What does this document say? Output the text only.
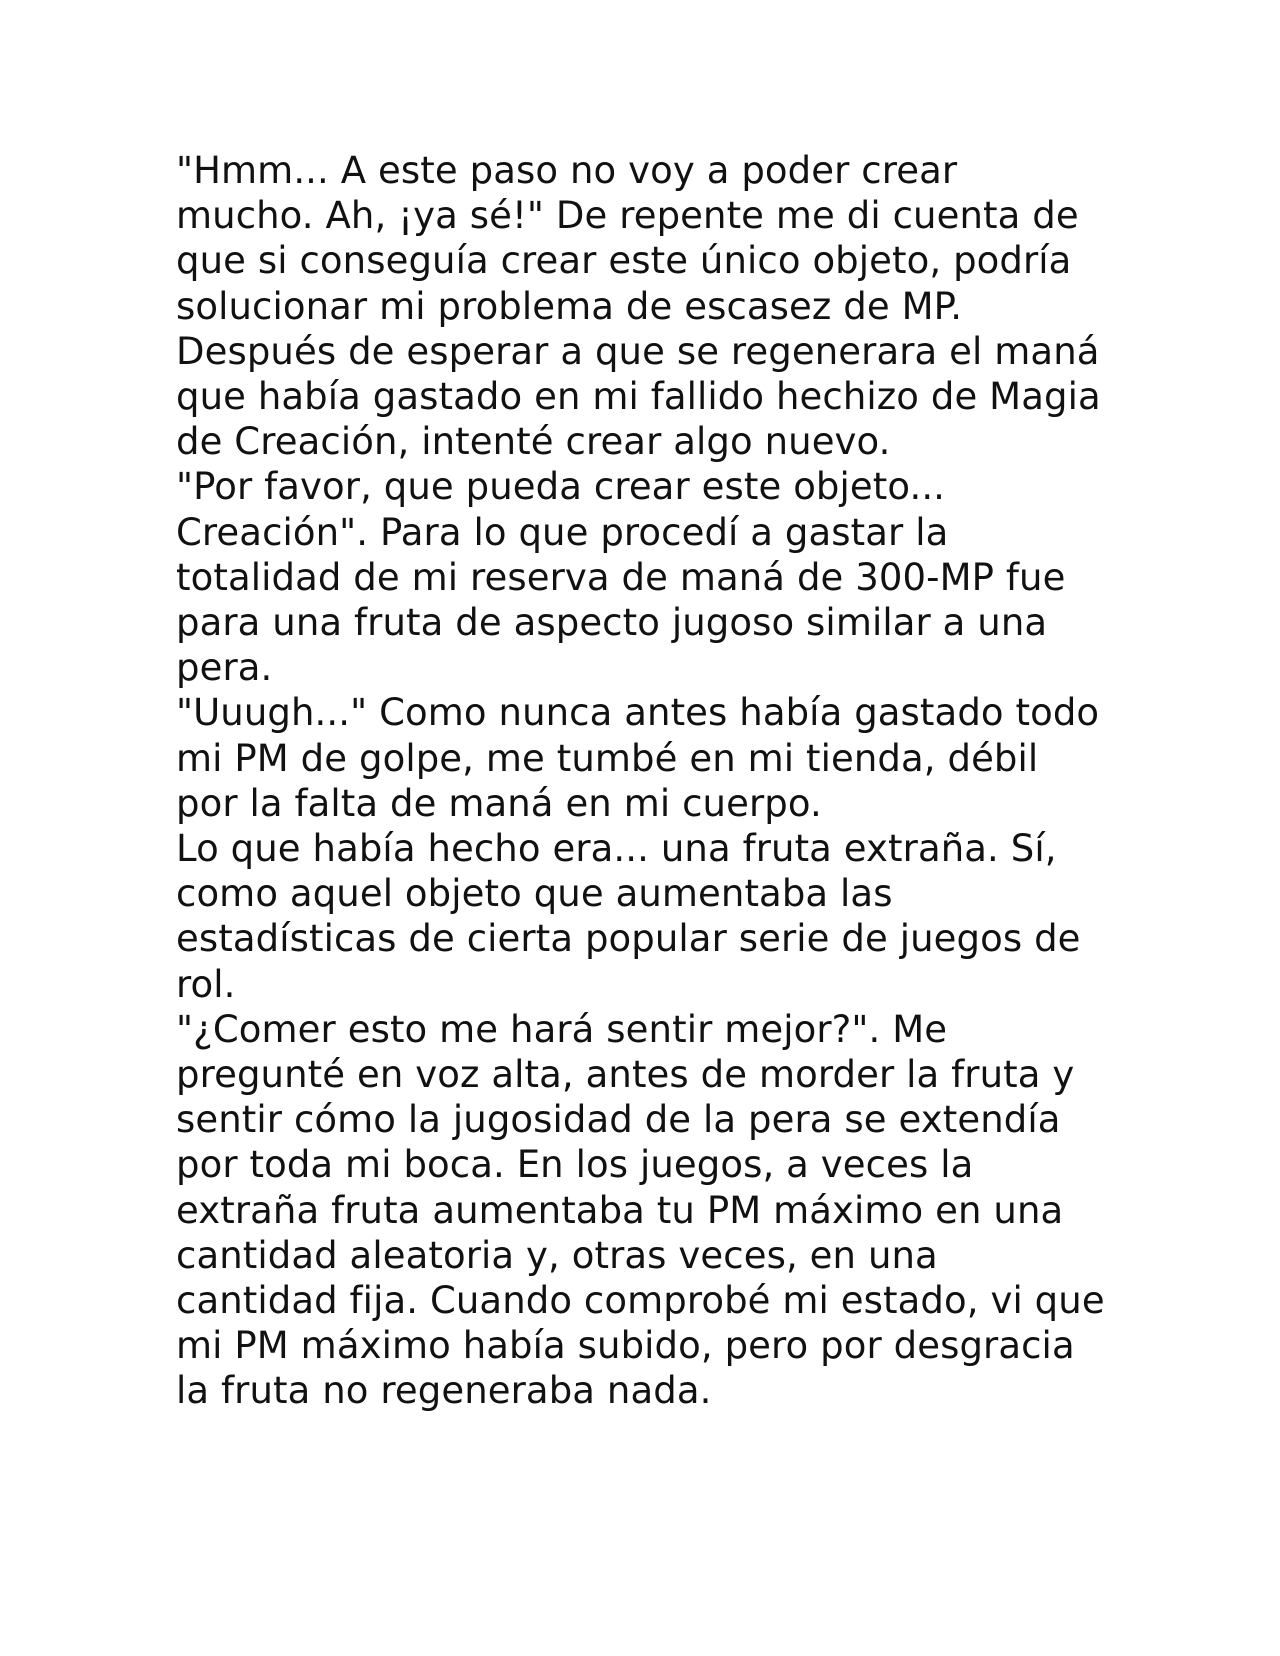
"Hmm... A este paso no voy a poder crear mucho. Ah, ¡ya sé!" De repente me di cuenta de que si conseguía crear este único objeto, podría solucionar mi problema de escasez de MP.

Después de esperar a que se regenerara el maná que había gastado en mi fallido hechizo de Magia de Creación, intenté crear algo nuevo.

"Por favor, que pueda crear este objeto... Creación". Para lo que procedí a gastar la totalidad de mi reserva de maná de 300-MP fue para una fruta de aspecto jugoso similar a una pera.

"Uuugh..." Como nunca antes había gastado todo mi PM de golpe, me tumbé en mi tienda, débil por la falta de maná en mi cuerpo.

Lo que había hecho era... una fruta extraña. Sí, como aquel objeto que aumentaba las estadísticas de cierta popular serie de juegos de rol.

"¿Comer esto me hará sentir mejor?". Me pregunté en voz alta, antes de morder la fruta y sentir cómo la jugosidad de la pera se extendía por toda mi boca. En los juegos, a veces la extraña fruta aumentaba tu PM máximo en una cantidad aleatoria y, otras veces, en una cantidad fija. Cuando comprobé mi estado, vi que mi PM máximo había subido, pero por desgracia la fruta no regeneraba nada.
